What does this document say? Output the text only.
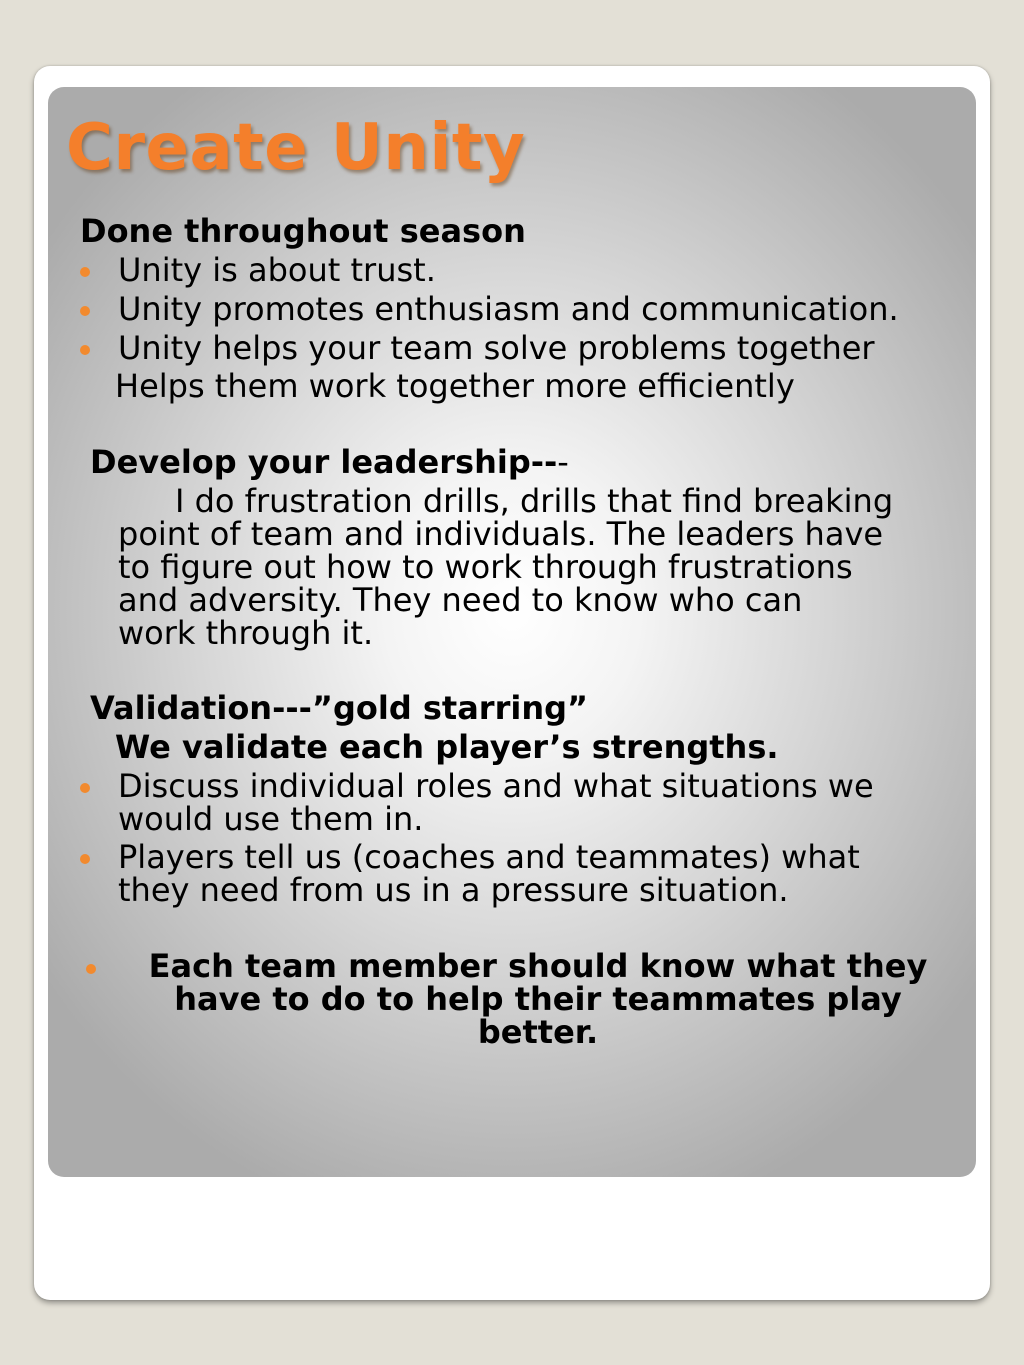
Create Unity

Done throughout season

Unity is about trust.

Unity promotes enthusiasm and communication.

Unity helps your team solve problems together

Helps them work together more efficiently

Develop your leadership---

I do frustration drills, drills that find breaking

point of team and individuals. The leaders have

to figure out how to work through frustrations

and adversity. They need to know who can

work through it.

Validation---”gold starring”

We validate each player’s strengths.

Discuss individual roles and what situations we

would use them in.

Players tell us (coaches and teammates) what

they need from us in a pressure situation.

Each team member should know what they

have to do to help their teammates play

better.
